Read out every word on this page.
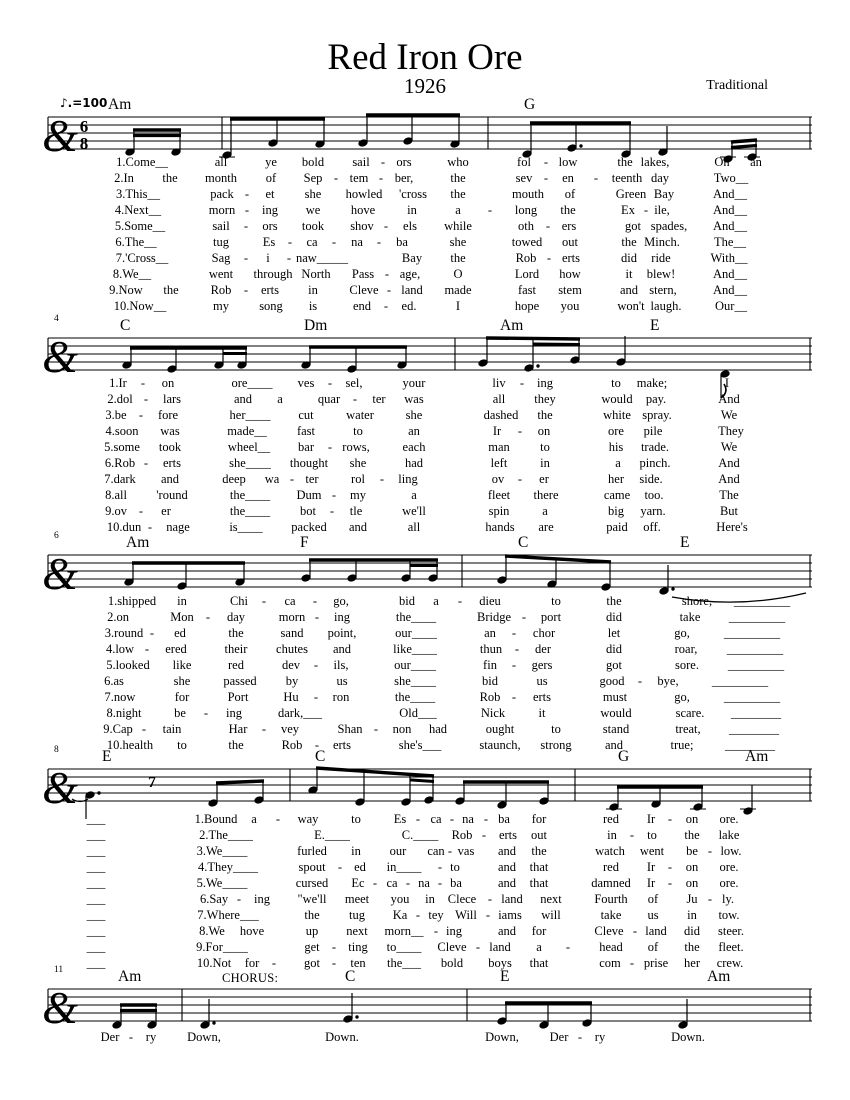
Red Iron Ore
1926	Traditional
♪.=100 Am	G
& 6
8
1.Come__	all	ye bold sail - ors	who	fol - low	the lakes,	On an
2.In the month of Sep - tem - ber,	the	sev - en - teenth day	Two__
3.This__	pack - et she howled 'cross the	mouth of	Green Bay	And__
4.Next__	morn - ing we hove	in	a - long the	Ex - ile,	And__
5.Some__	sail - ors took shov - els while	oth - ers	got spades, And__
6.The__	tug	Es - ca - na - ba	she	towed out	the Minch.	The__
7.'Cross__	Sag - i - naw_____	Bay the	Rob - erts	did ride	With__
8.We__	went through North Pass - age,	O	Lord how	it blew!	And__
9.Now the	Rob - erts in	Cleve - land made	fast stem	and stern,	And__
10.Now__	my song is	end - ed.	I	hope you	won't laugh.	Our__
4	C	Dm	Am	E
&
1.Ir - on	ore____ ves - sel,	your	liv - ing	to make;	I
2.dol - lars	and a	quar - ter was	all they	would pay.	And
3.be - fore	her____ cut	water	she	dashed the	white spray.	We
4.soon was	made__ fast	to	an	Ir - on	ore pile	They
5.some took	wheel__ bar - rows,	each	man to	his trade.	We
6.Rob - erts	she____ thought she	had	left	in	a pinch.	And
7.dark and	deep wa - ter	rol - ling	ov - er	her side.	And
8.all 'round	the____ Dum - my	a	fleet there	came too.	The
9.ov - er	the____ bot - tle	we'll	spin	a	big yarn.	But
10.dun - nage	is____ packed and	all	hands are	paid off.	Here's
6	Am	F	C	E
&
1.shipped in	Chi - ca - go,	bid a - dieu	to	the	shore, _________
2.on	Mon - day	morn - ing	the____	Bridge - port	did	take _________
3.round - ed	the	sand point,	our____	an - chor	let	go,	_________
4.low - ered	their chutes and	like____	thun - der	did	roar, _________
5.looked like	red	dev - ils,	our____	fin - gers	got	sore. _________
6.as	she	passed by	us	she____	bid	us	good - bye,	_________
7.now	for	Port	Hu - ron	the____	Rob - erts	must	go,	_________
8.night	be - ing	dark,___	Old___	Nick	it	would	scare. ________
9.Cap - tain	Har - vey	Shan - non had	ought	to	stand	treat, ________
10.health to	the	Rob - erts	she's___	staunch, strong	and	true;	________
8	E	C	G	Am
&	7
___	1.Bound a - way	to	Es - ca - na - ba for	red Ir - on ore.
___	2.The____	E.____	C.____ Rob - erts out	in - to the lake
___	3.We____	furled in our can - vas and the	watch went be - low.
___	4.They____	spout - ed in____ - to	and that	red Ir - on ore.
___	5.We____	cursed Ec - ca - na - ba	and that	damned Ir - on ore.
___	6.Say - ing "we'll meet you in Clece - land next	Fourth of Ju - ly.
___	7.Where___	the tug Ka - tey Will - iams will	take us in tow.
___	8.We hove	up next morn__ - ing	and for	Cleve - land did steer.
___	9.For____	get - ting to____ Cleve - land a - head of the fleet.
___	10.Not for - got - ten the___ bold boys that	com - prise her crew.
11	Am	CHORUS:	C	E	Am
&
Der - ry Down,	Down.	Down, Der - ry	Down.
